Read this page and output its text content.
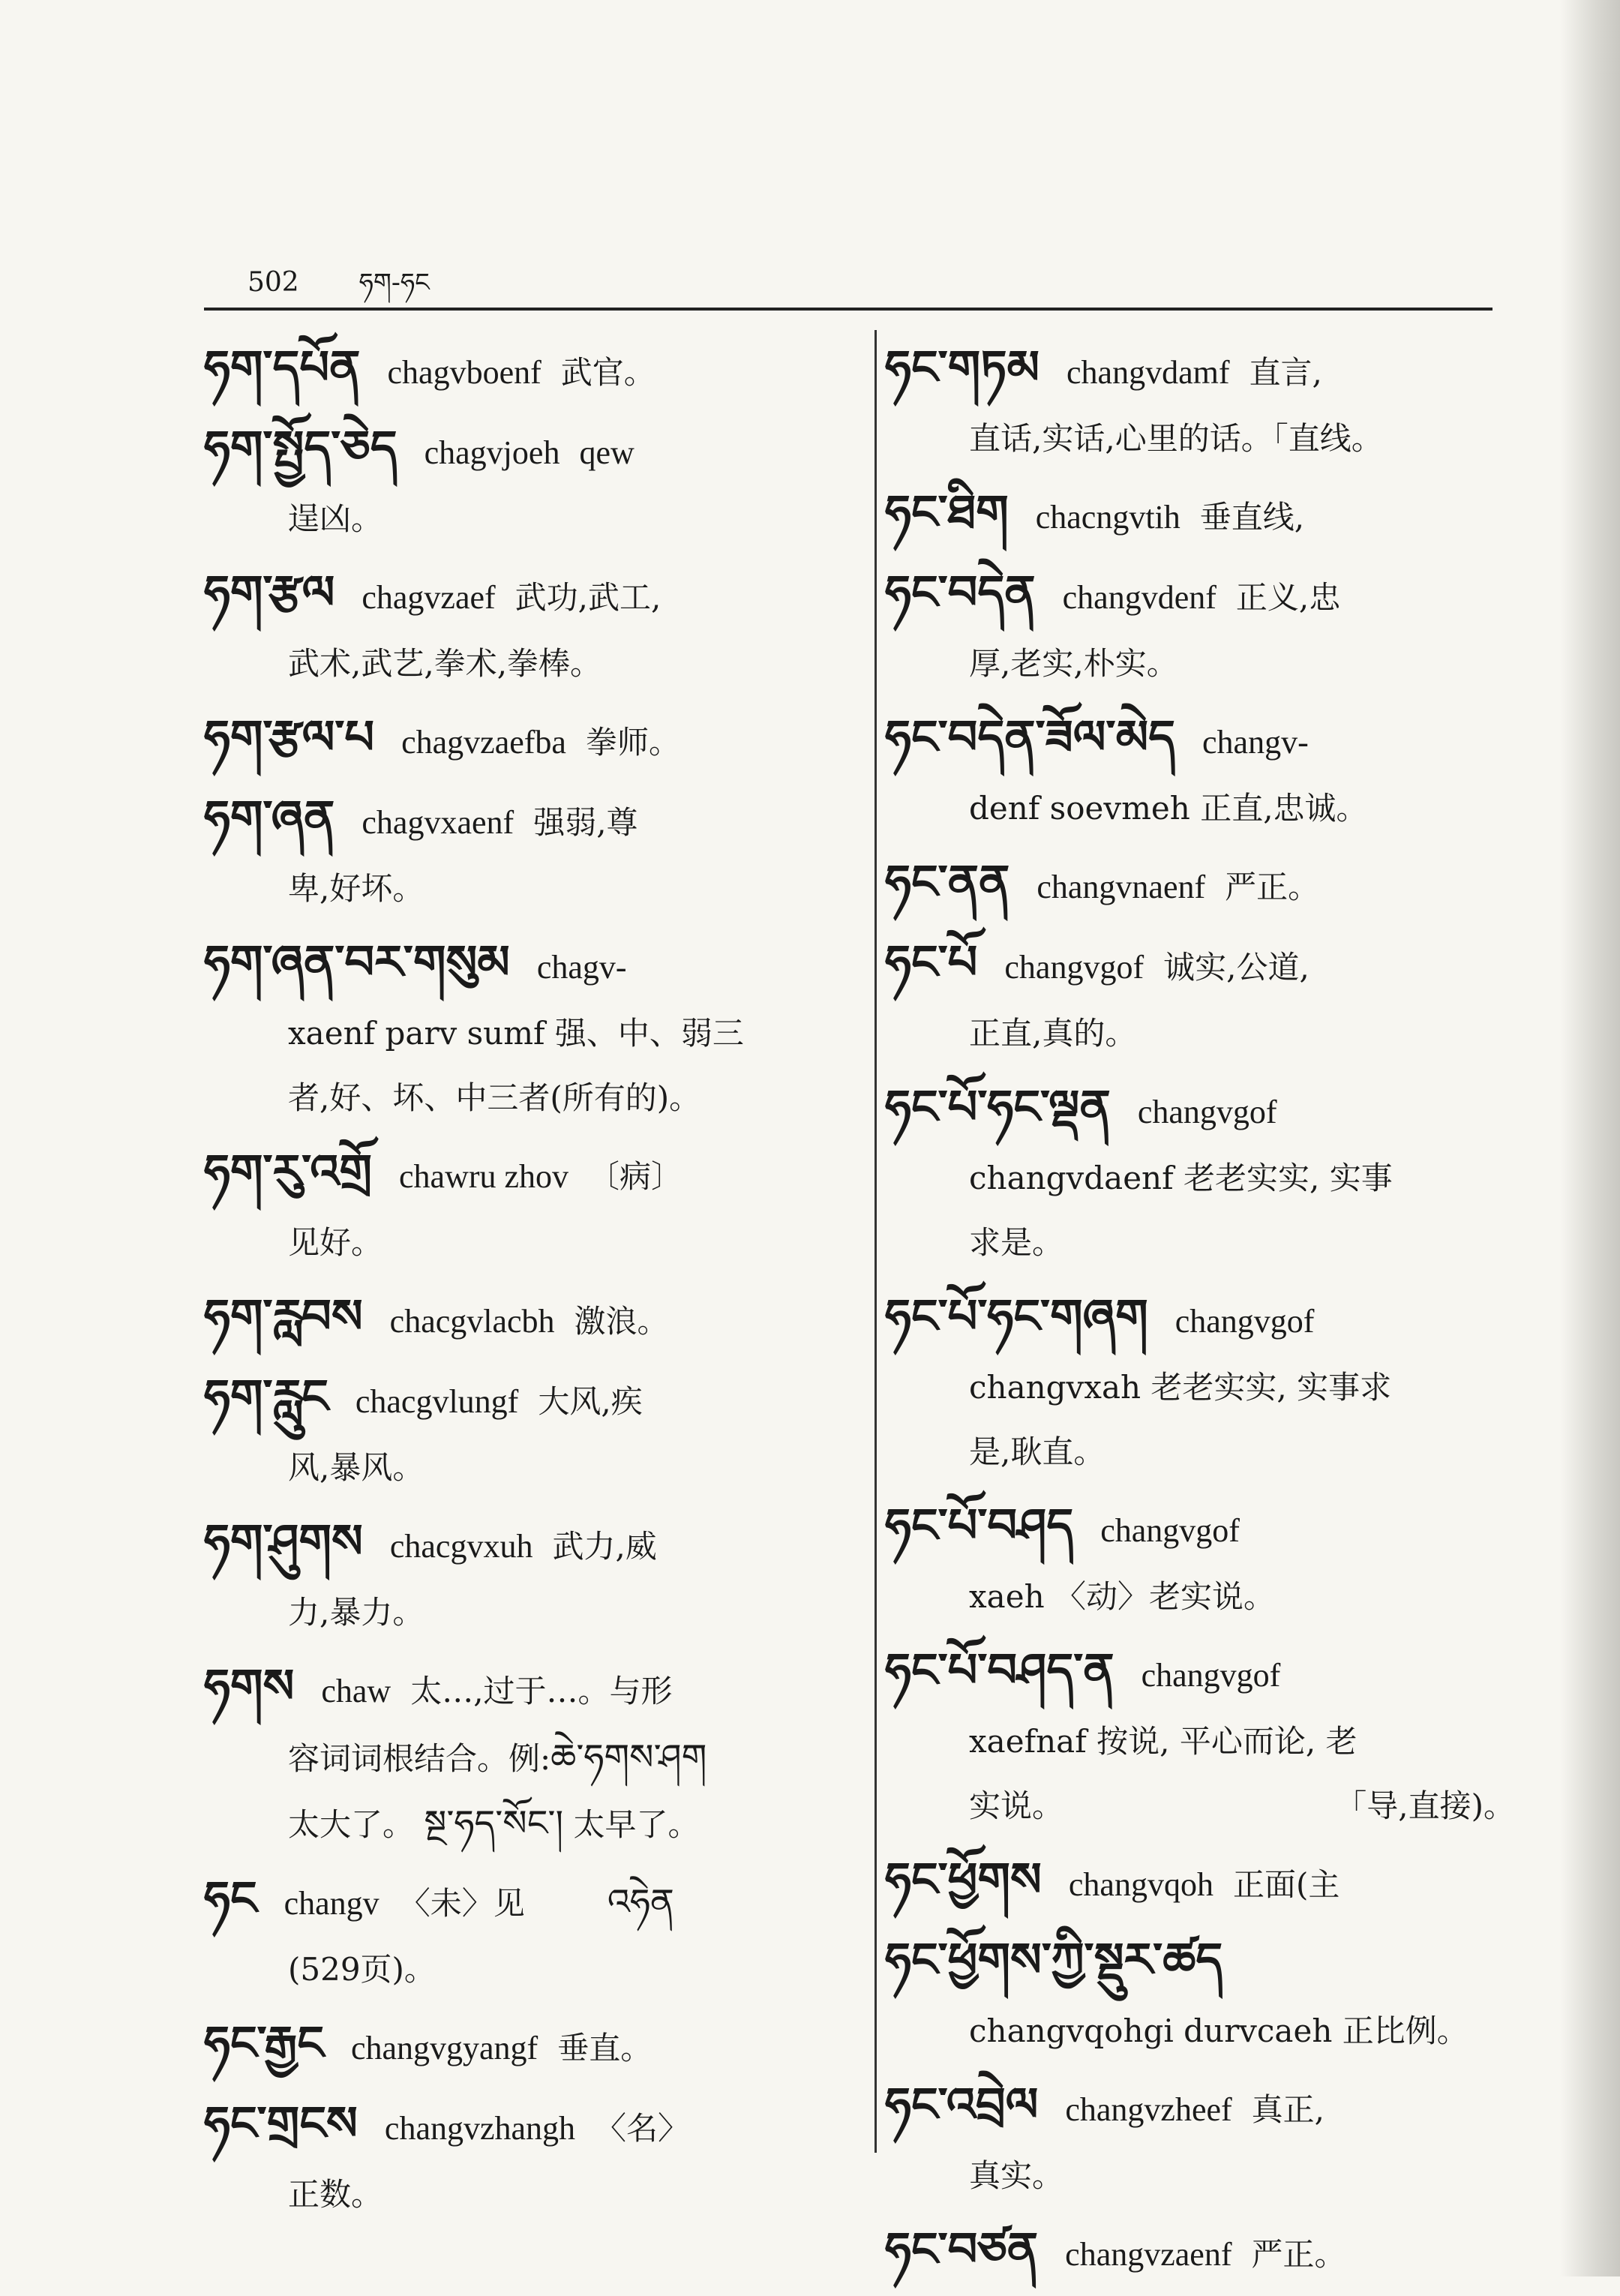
502 ཧག-ཧང
ཧག་དཔོན chagvboenf 武官。
ཧག་སྤྱོད་ཅེད chagvjoeh qew
逞凶。
ཧག་རྩལ chagvzaef 武功,武工,
武术,武艺,拳术,拳棒。
ཧག་རྩལ་པ chagvzaefba 拳师。
ཧག་ཞན chagvxaenf 强弱,尊
卑,好坏。
ཧག་ཞན་བར་གསུམ chagv-
xaenf parv sumf 强、中、弱三
者,好、坏、中三者(所有的)。
ཧག་རུ་འགྲོ chawru zhov 〔病〕
见好。
ཧག་རླབས chacgvlacbh 激浪。
ཧག་རླུང chacgvlungf 大风,疾
风,暴风。
ཧག་ཤུགས chacgvxuh 武力,威
力,暴力。
ཧགས chaw 太…,过于…。与形
容词词根结合。例:ཆེ་ཧགས་ཤག
太大了。 སྔ་ཧད་སོང་། 太早了。
ཧང changv 〈未〉见 འཧེན
(529页)。
ཧང་རྒྱང changvgyangf 垂直。
ཧང་གྲངས changvzhangh 〈名〉
正数。
ཧང་གཏམ changvdamf 直言,
直话,实话,心里的话。「直线。
ཧང་ཐིག chacngvtih 垂直线,
ཧང་བདེན changvdenf 正义,忠
厚,老实,朴实。
ཧང་བདེན་ཟོལ་མེད changv-
denf soevmeh 正直,忠诚。
ཧང་ནན changvnaenf 严正。
ཧང་པོ changvgof 诚实,公道,
正直,真的。
ཧང་པོ་ཧང་ལྡན changvgof
changvdaenf 老老实实, 实事
求是。
ཧང་པོ་ཧང་གཞག changvgof
changvxah 老老实实, 实事求
是,耿直。
ཧང་པོ་བཤད changvgof
xaeh 〈动〉老实说。
ཧང་པོ་བཤད་ན changvgof
xaefnaf 按说, 平心而论, 老
实说。	「导,直接)。
ཧང་ཕྱོགས changvqoh 正面(主
ཧང་ཕྱོགས་ཀྱི་སྡུར་ཚད
changvqohgi durvcaeh 正比例。
ཧང་འབྲེལ changvzheef 真正,
真实。
ཧང་བཙན changvzaenf 严正。
